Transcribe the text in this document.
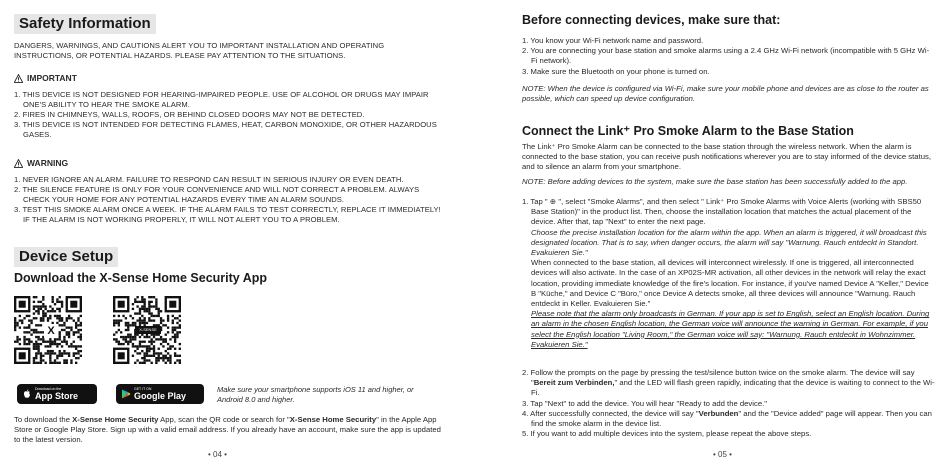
Safety Information
DANGERS, WARNINGS, AND CAUTIONS ALERT YOU TO IMPORTANT INSTALLATION AND OPERATING INSTRUCTIONS, OR POTENTIAL HAZARDS. PLEASE PAY ATTENTION TO THE SITUATIONS.
IMPORTANT
1. THIS DEVICE IS NOT DESIGNED FOR HEARING-IMPAIRED PEOPLE. USE OF ALCOHOL OR DRUGS MAY IMPAIR ONE'S ABILITY TO HEAR THE SMOKE ALARM.
2. FIRES IN CHIMNEYS, WALLS, ROOFS, OR BEHIND CLOSED DOORS MAY NOT BE DETECTED.
3. THIS DEVICE IS NOT INTENDED FOR DETECTING FLAMES, HEAT, CARBON MONOXIDE, OR OTHER HAZARDOUS GASES.
WARNING
1. NEVER IGNORE AN ALARM. FAILURE TO RESPOND CAN RESULT IN SERIOUS INJURY OR EVEN DEATH.
2. THE SILENCE FEATURE IS ONLY FOR YOUR CONVENIENCE AND WILL NOT CORRECT A PROBLEM. ALWAYS CHECK YOUR HOME FOR ANY POTENTIAL HAZARDS EVERY TIME AN ALARM SOUNDS.
3. TEST THIS SMOKE ALARM ONCE A WEEK. IF THE ALARM FAILS TO TEST CORRECTLY, REPLACE IT IMMEDIATELY! IF THE ALARM IS NOT WORKING PROPERLY, IT WILL NOT ALERT YOU TO A PROBLEM.
Device Setup
Download the X-Sense Home Security App
X	X-SENSE
Download on the
App Store
GET IT ON
Google Play
Make sure your smartphone supports iOS 11 and higher, or Android 8.0 and higher.
To download the X-Sense Home Security App, scan the QR code or search for "X-Sense Home Security" in the Apple App Store or Google Play Store. Sign up with a valid email address. If you already have an account, make sure the app is updated to the latest version.
• 04 •
Before connecting devices, make sure that:
1. You know your Wi-Fi network name and password.
2. You are connecting your base station and smoke alarms using a 2.4 GHz Wi-Fi network (incompatible with 5 GHz Wi-Fi network).
3. Make sure the Bluetooth on your phone is turned on.
NOTE: When the device is configured via Wi-Fi, make sure your mobile phone and devices are as close to the router as possible, which can speed up device configuration.
Connect the Link⁺ Pro Smoke Alarm to the Base Station
The Link⁺ Pro Smoke Alarm can be connected to the base station through the wireless network. When the alarm is connected to the base station, you can receive push notifications wherever you are to stay informed of the device status, and to silence an alarm from your smartphone.
NOTE: Before adding devices to the system, make sure the base station has been successfully added to the app.
1. Tap " ⊕ ", select "Smoke Alarms", and then select " Link⁺ Pro Smoke Alarms with Voice Alerts (working with SBS50 Base Station)" in the product list. Then, choose the installation location that matches the actual placement of the device. After that, tap "Next" to enter the next page.
Choose the precise installation location for the alarm within the app. When an alarm is triggered, it will broadcast this designated location. That is to say, when danger occurs, the alarm will say "Warnung. Rauch entdeckt in Standort. Evakuieren Sie."
When connected to the base station, all devices will interconnect wirelessly. If one is triggered, all interconnected devices will also activate. In the case of an XP02S-MR activation, all other devices in the network will relay the exact location, providing immediate knowledge of the fire's location. For instance, if you've named Device A "Keller," Device B "Küche," and Device C "Büro," once Device A detects smoke, all three devices will announce "Warnung. Rauch entdeckt in Keller. Evakuieren Sie."
Please note that the alarm only broadcasts in German. If your app is set to English, select an English location. During an alarm in the chosen English location, the German voice will announce the warning in German. For example, if you select the English location "Living Room," the German voice will say: "Warnung. Rauch entdeckt in Wohnzimmer. Evakuieren Sie."
2. Follow the prompts on the page by pressing the test/silence button twice on the smoke alarm. The device will say "Bereit zum Verbinden," and the LED will flash green rapidly, indicating that the device is waiting to connect to the Wi-Fi.
3. Tap "Next" to add the device. You will hear "Ready to add the device."
4. After successfully connected, the device will say "Verbunden" and the "Device added" page will appear. Then you can find the smoke alarm in the device list.
5. If you want to add multiple devices into the system, please repeat the above steps.
• 05 •
